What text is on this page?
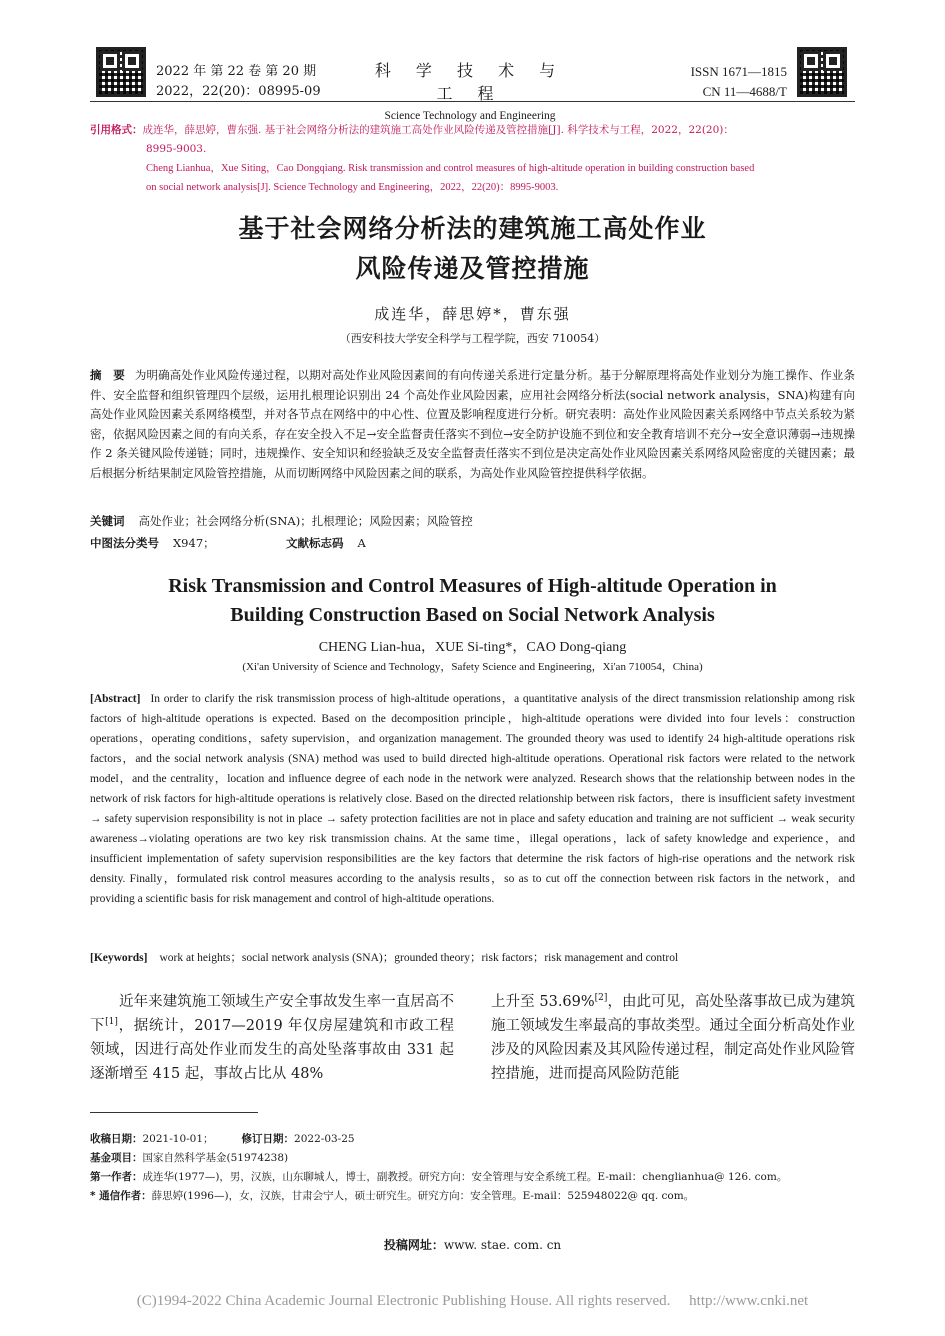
2022 年 第 22 卷 第 20 期
2022，22(20)：08995-09
科 学 技 术 与 工 程
Science Technology and Engineering
ISSN 1671—1815
CN 11—4688/T
引用格式：成连华，薛思婷，曹东强. 基于社会网络分析法的建筑施工高处作业风险传递及管控措施[J]. 科学技术与工程，2022，22(20)：
8995-9003.
Cheng Lianhua，Xue Siting，Cao Dongqiang. Risk transmission and control measures of high-altitude operation in building construction based
on social network analysis[J]. Science Technology and Engineering，2022，22(20)：8995-9003.
基于社会网络分析法的建筑施工高处作业
风险传递及管控措施
成连华，薛思婷*，曹东强
（西安科技大学安全科学与工程学院，西安 710054）
摘　要 为明确高处作业风险传递过程，以期对高处作业风险因素间的有向传递关系进行定量分析。基于分解原理将高处作业划分为施工操作、作业条件、安全监督和组织管理四个层级，运用扎根理论识别出 24 个高处作业风险因素，应用社会网络分析法(social network analysis，SNA)构建有向高处作业风险因素关系网络模型，并对各节点在网络中的中心性、位置及影响程度进行分析。研究表明：高处作业风险因素关系网络中节点关系较为紧密，依据风险因素之间的有向关系，存在安全投入不足→安全监督责任落实不到位→安全防护设施不到位和安全教育培训不充分→安全意识薄弱→违规操作 2 条关键风险传递链；同时，违规操作、安全知识和经验缺乏及安全监督责任落实不到位是决定高处作业风险因素关系网络风险密度的关键因素；最后根据分析结果制定风险管控措施，从而切断网络中风险因素之间的联系，为高处作业风险管控提供科学依据。
关键词 高处作业；社会网络分析(SNA)；扎根理论；风险因素；风险管控
中图法分类号 X947；	文献标志码 A
Risk Transmission and Control Measures of High-altitude Operation in
Building Construction Based on Social Network Analysis
CHENG Lian-hua，XUE Si-ting*，CAO Dong-qiang
(Xi'an University of Science and Technology，Safety Science and Engineering，Xi'an 710054，China)
[Abstract] In order to clarify the risk transmission process of high-altitude operations，a quantitative analysis of the direct transmission relationship among risk factors of high-altitude operations is expected. Based on the decomposition principle，high-altitude operations were divided into four levels：construction operations，operating conditions，safety supervision，and organization management. The grounded theory was used to identify 24 high-altitude operations risk factors，and the social network analysis (SNA) method was used to build directed high-altitude operations. Operational risk factors were related to the network model，and the centrality，location and influence degree of each node in the network were analyzed. Research shows that the relationship between nodes in the network of risk factors for high-altitude operations is relatively close. Based on the directed relationship between risk factors，there is insufficient safety investment → safety supervision responsibility is not in place → safety protection facilities are not in place and safety education and training are not sufficient → weak security awareness→violating operations are two key risk transmission chains. At the same time，illegal operations，lack of safety knowledge and experience，and insufficient implementation of safety supervision responsibilities are the key factors that determine the risk factors of high-rise operations and the network risk density. Finally，formulated risk control measures according to the analysis results，so as to cut off the connection between risk factors in the network，and providing a scientific basis for risk management and control of high-altitude operations.
[Keywords] work at heights；social network analysis (SNA)；grounded theory；risk factors；risk management and control
近年来建筑施工领域生产安全事故发生率一直居高不下[1]，据统计，2017—2019 年仅房屋建筑和市政工程领域，因进行高处作业而发生的高处坠落事故由 331 起逐渐增至 415 起，事故占比从 48%
上升至 53.69%[2]，由此可见，高处坠落事故已成为建筑施工领域发生率最高的事故类型。通过全面分析高处作业涉及的风险因素及其风险传递过程，制定高处作业风险管控措施，进而提高风险防范能
收稿日期：2021-10-01；	修订日期：2022-03-25
基金项目：国家自然科学基金(51974238)
第一作者：成连华(1977—)，男，汉族，山东聊城人，博士，副教授。研究方向：安全管理与安全系统工程。E-mail：chenglianhua@ 126. com。
* 通信作者：薛思婷(1996—)，女，汉族，甘肃会宁人，硕士研究生。研究方向：安全管理。E-mail：525948022@ qq. com。
投稿网址：www. stae. com. cn
(C)1994-2022 China Academic Journal Electronic Publishing House. All rights reserved.　 http://www.cnki.net
